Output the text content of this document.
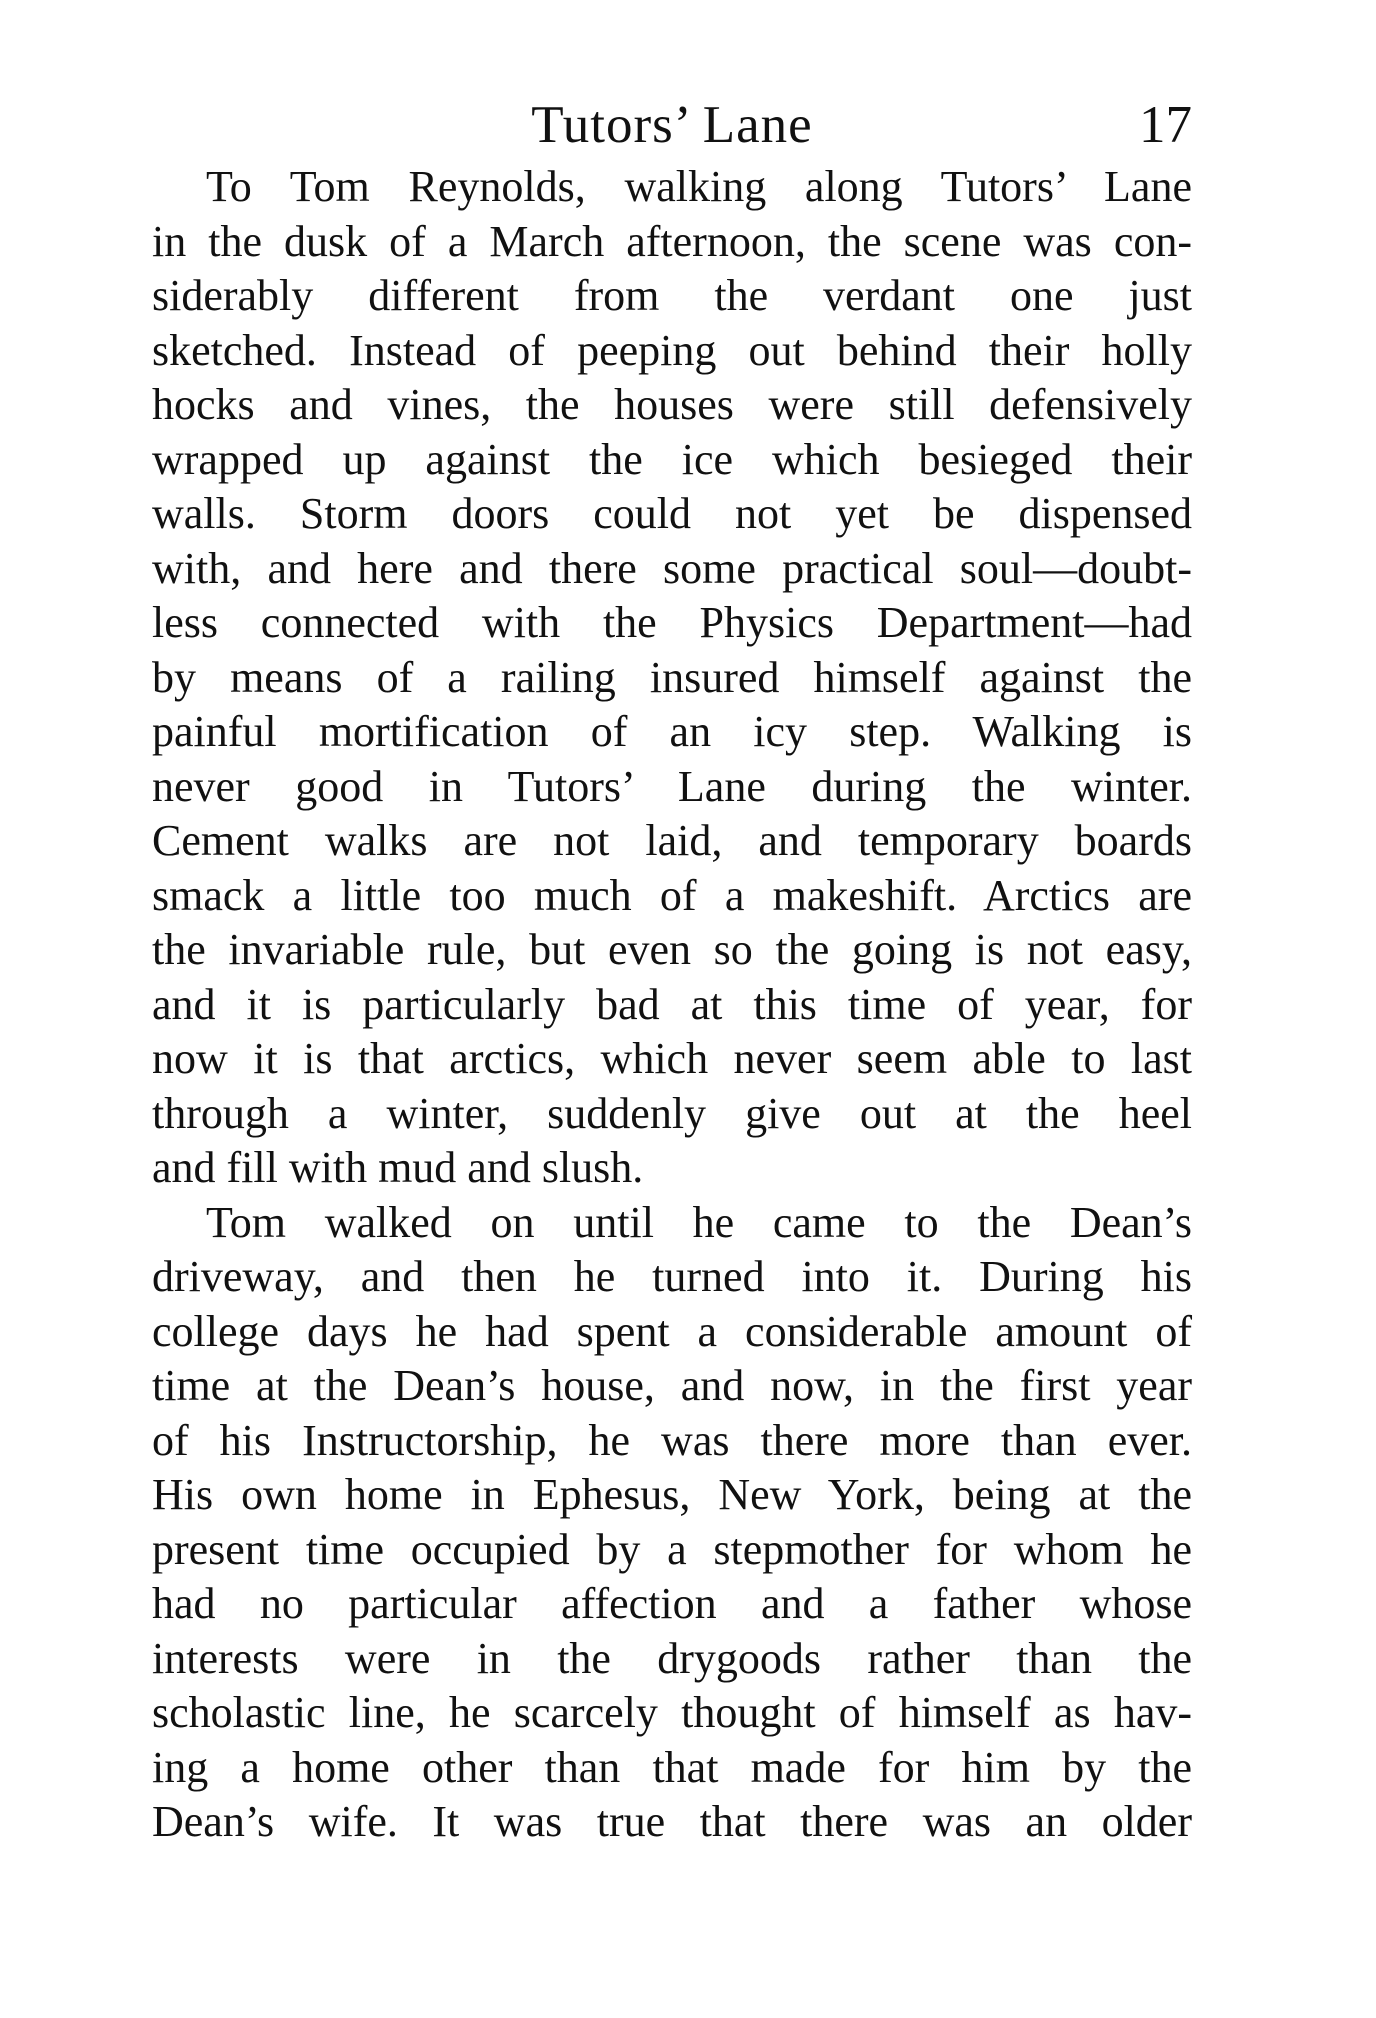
Tutors’ Lane	17
To Tom Reynolds, walking along Tutors’ Lane
in the dusk of a March afternoon, the scene was con-
siderably different from the verdant one just
sketched. Instead of peeping out behind their holly
hocks and vines, the houses were still defensively
wrapped up against the ice which besieged their
walls. Storm doors could not yet be dispensed
with, and here and there some practical soul—doubt-
less connected with the Physics Department—had
by means of a railing insured himself against the
painful mortification of an icy step. Walking is
never good in Tutors’ Lane during the winter.
Cement walks are not laid, and temporary boards
smack a little too much of a makeshift. Arctics are
the invariable rule, but even so the going is not easy,
and it is particularly bad at this time of year, for
now it is that arctics, which never seem able to last
through a winter, suddenly give out at the heel
and fill with mud and slush.
Tom walked on until he came to the Dean’s
driveway, and then he turned into it. During his
college days he had spent a considerable amount of
time at the Dean’s house, and now, in the first year
of his Instructorship, he was there more than ever.
His own home in Ephesus, New York, being at the
present time occupied by a stepmother for whom he
had no particular affection and a father whose
interests were in the drygoods rather than the
scholastic line, he scarcely thought of himself as hav-
ing a home other than that made for him by the
Dean’s wife. It was true that there was an older
